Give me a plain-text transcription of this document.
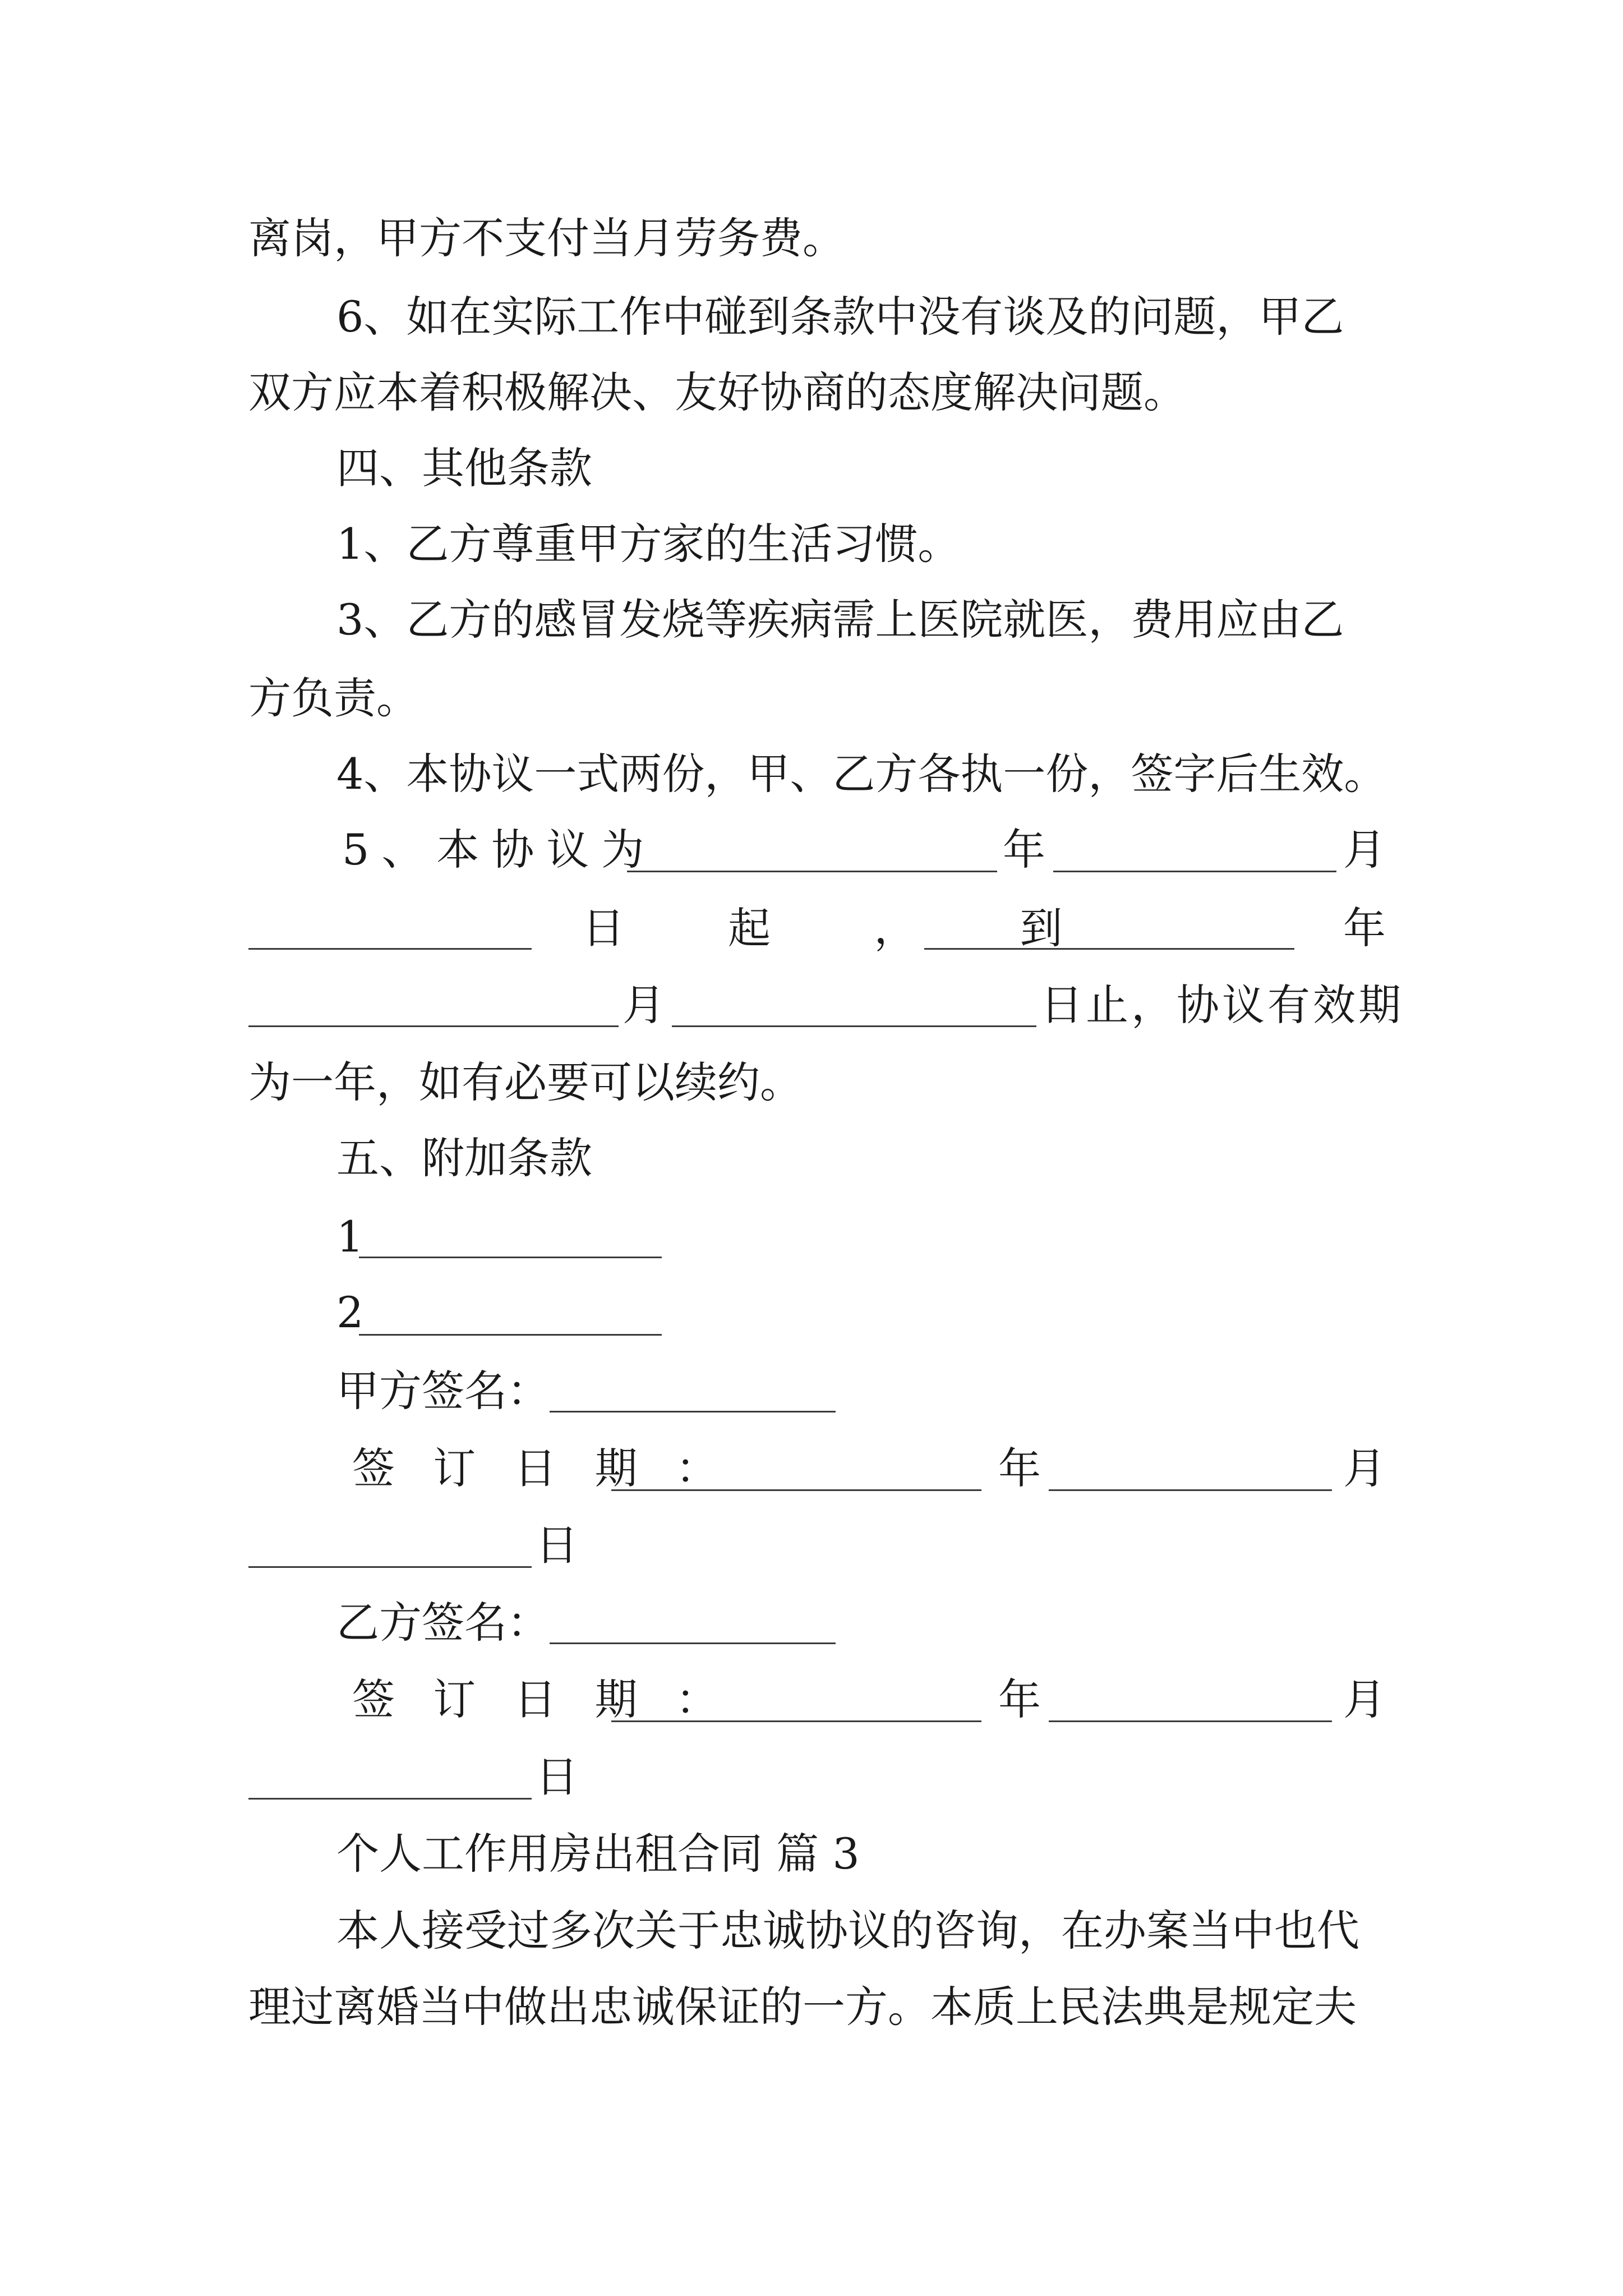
离岗，甲方不支付当月劳务费。

6、如在实际工作中碰到条款中没有谈及的问题，甲乙

双方应本着积极解决、友好协商的态度解决问题。

四、其他条款

1、乙方尊重甲方家的生活习惯。

3、乙方的感冒发烧等疾病需上医院就医，费用应由乙

方负责。

4、本协议一式两份，甲、乙方各执一份，签字后生效。

5、本协议为	年	月
日 起 ， 到	年
月	日止，协议有效期

为一年，如有必要可以续约。

五、附加条款

1
2
甲方签名：
签 订 日 期 ：	年	月
日
乙方签名：
签 订 日 期 ：	年	月
日

个人工作用房出租合同 篇 3

本人接受过多次关于忠诚协议的咨询，在办案当中也代

理过离婚当中做出忠诚保证的一方。本质上民法典是规定夫
